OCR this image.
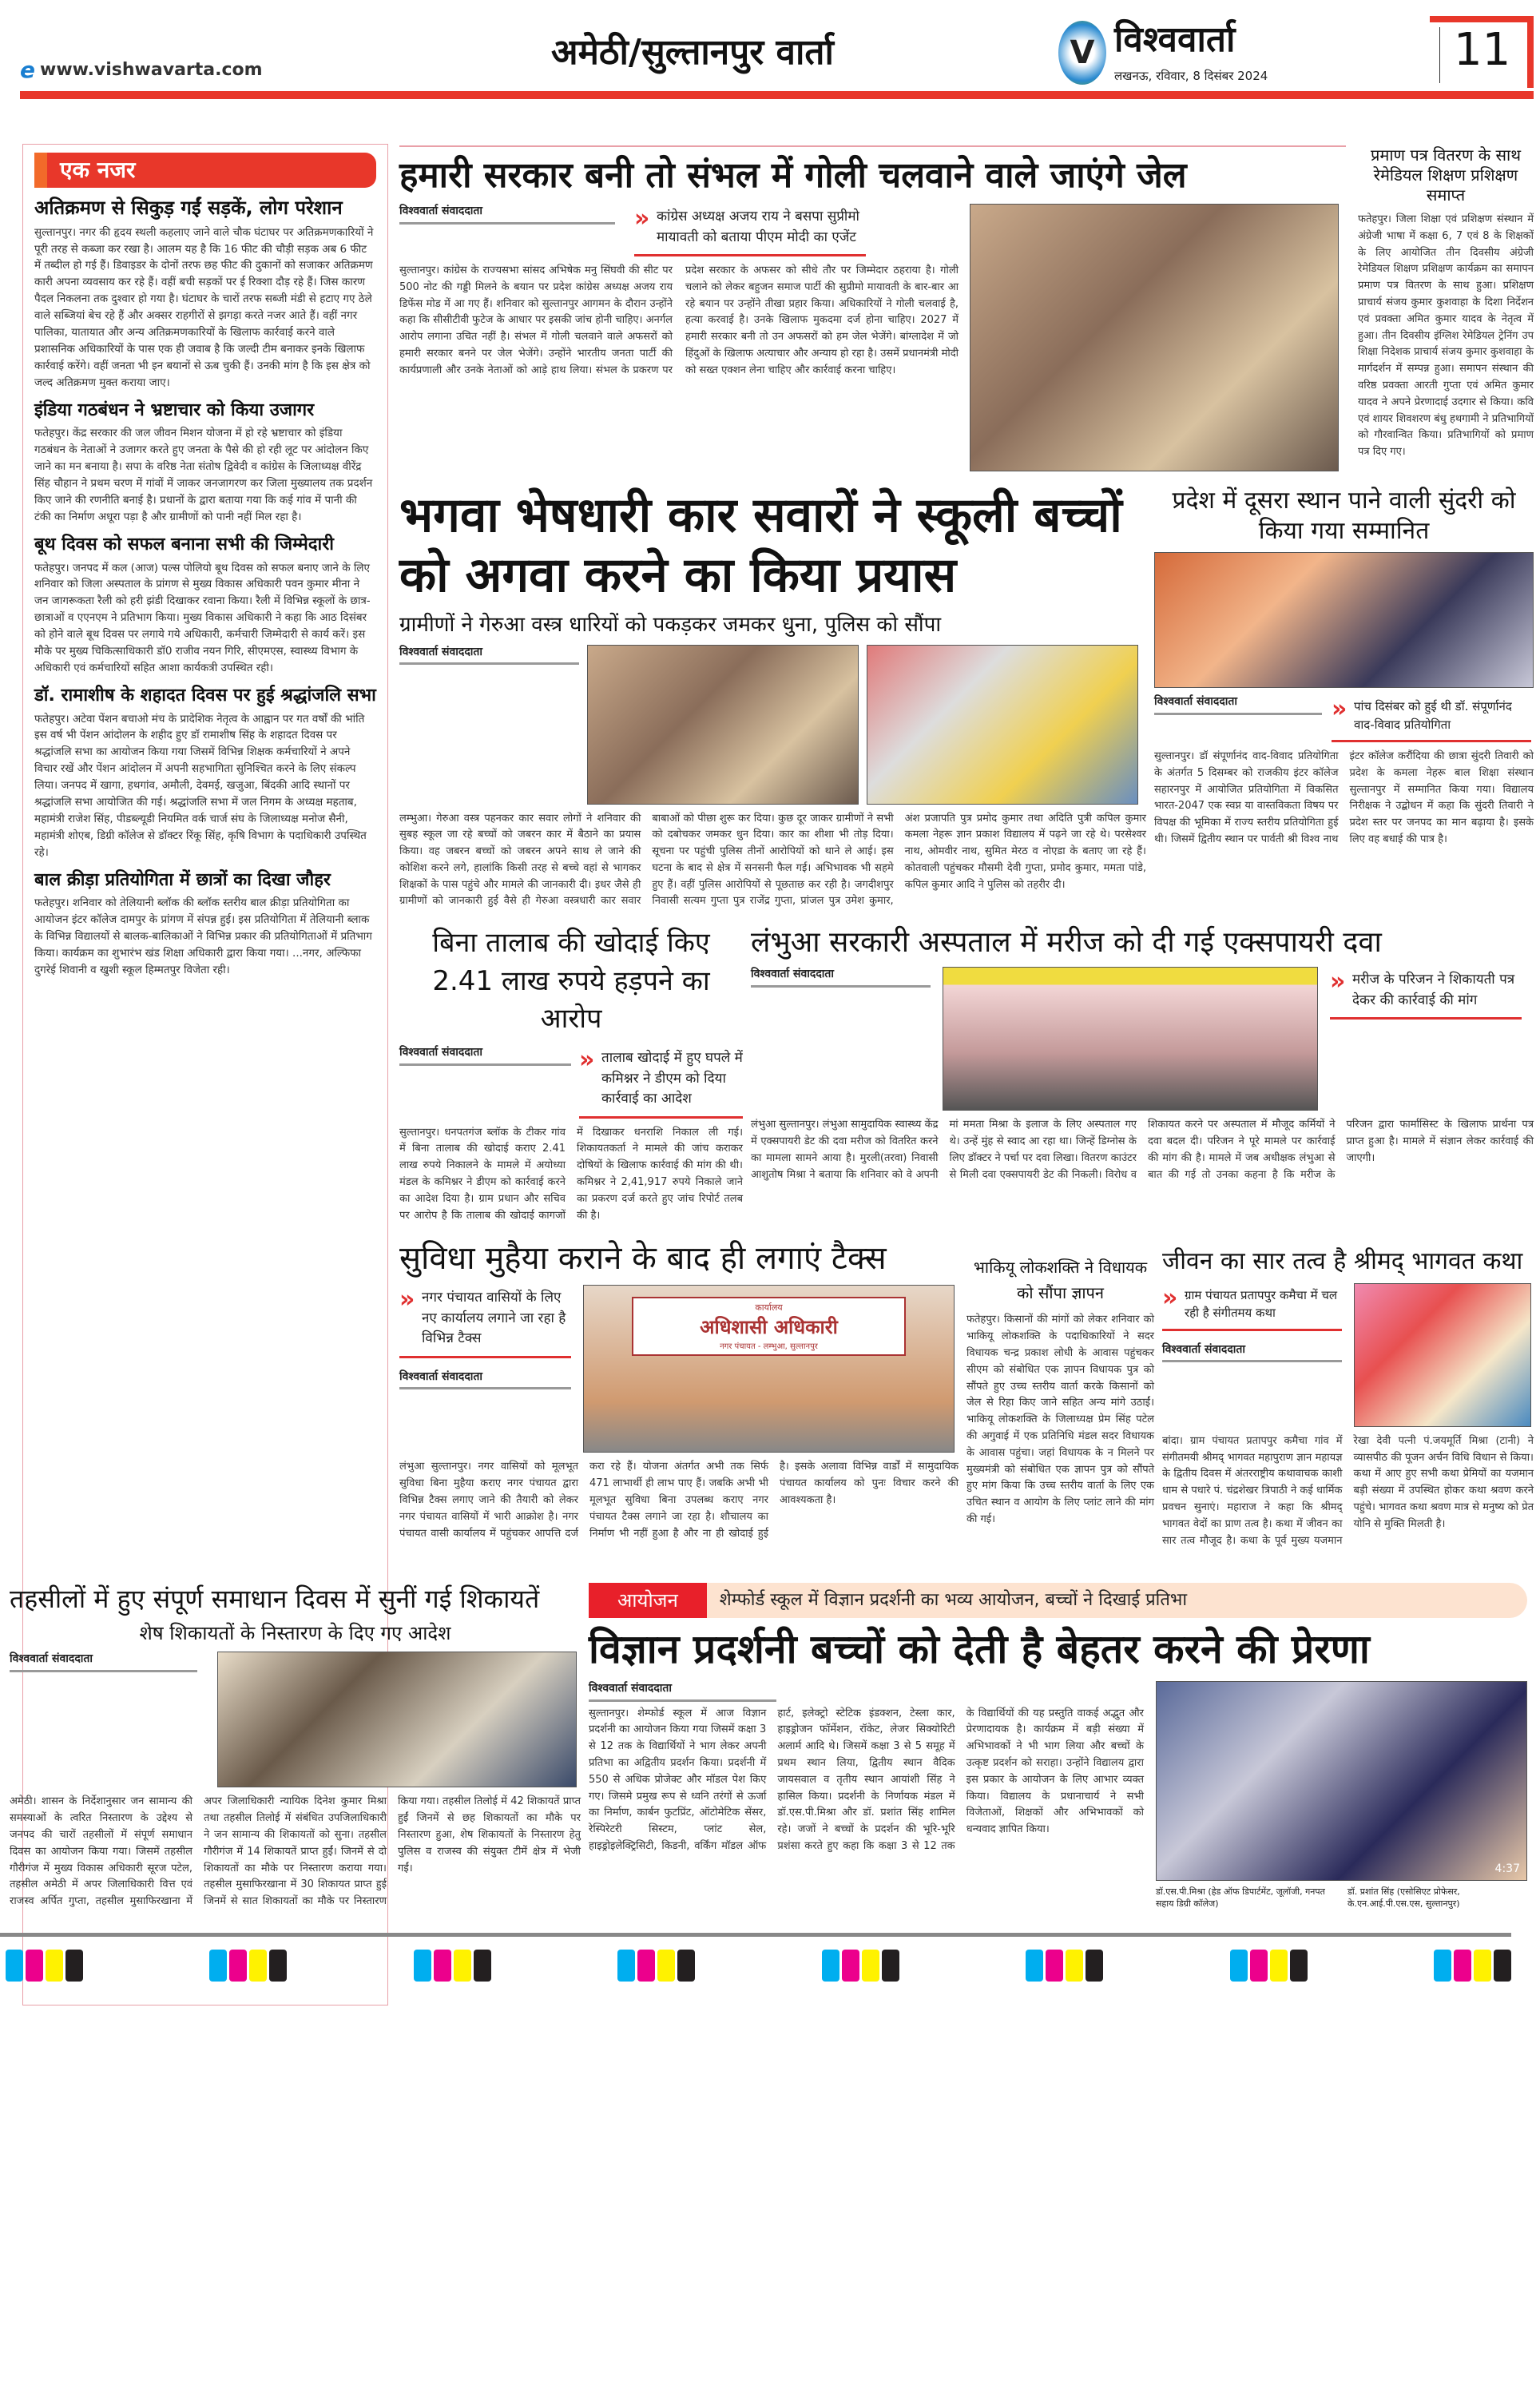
e www.vishwavarta.com	अमेठी/सुल्तानपुर वार्ता	V विश्ववार्ता
लखनऊ, रविवार, 8 दिसंबर 2024	11
एक नजर
अतिक्रमण से सिकुड़ गईं सड़कें, लोग परेशान

सुल्तानपुर। नगर की हृदय स्थली कहलाए जाने वाले चौक घंटाघर पर अतिक्रमणकारियों ने पूरी तरह से कब्जा कर रखा है। आलम यह है कि 16 फीट की चौड़ी सड़क अब 6 फीट में तब्दील हो गई हैं। डिवाइडर के दोनों तरफ छह फीट की दुकानों को सजाकर अतिक्रमण कारी अपना व्यवसाय कर रहे हैं। वहीं बची सड़कों पर ई रिक्शा दौड़ रहे हैं। जिस कारण पैदल निकलना तक दुश्वार हो गया है। घंटाघर के चारों तरफ सब्जी मंडी से हटाए गए ठेले वाले सब्जियां बेच रहे हैं और अक्सर राहगीरों से झगड़ा करते नजर आते हैं। वहीं नगर पालिका, यातायात और अन्य अतिक्रमणकारियों के खिलाफ कार्रवाई करने वाले प्रशासनिक अधिकारियों के पास एक ही जवाब है कि जल्दी टीम बनाकर इनके खिलाफ कार्रवाई करेंगे। वहीं जनता भी इन बयानों से ऊब चुकी हैं। उनकी मांग है कि इस क्षेत्र को जल्द अतिक्रमण मुक्त कराया जाए।

इंडिया गठबंधन ने भ्रष्टाचार को किया उजागर

फतेहपुर। केंद्र सरकार की जल जीवन मिशन योजना में हो रहे भ्रष्टाचार को इंडिया गठबंधन के नेताओं ने उजागर करते हुए जनता के पैसे की हो रही लूट पर आंदोलन किए जाने का मन बनाया है। सपा के वरिष्ठ नेता संतोष द्विवेदी व कांग्रेस के जिलाध्यक्ष वीरेंद्र सिंह चौहान ने प्रथम चरण में गांवों में जाकर जनजागरण कर जिला मुख्यालय तक प्रदर्शन किए जाने की रणनीति बनाई है। प्रधानों के द्वारा बताया गया कि कई गांव में पानी की टंकी का निर्माण अधूरा पड़ा है और ग्रामीणों को पानी नहीं मिल रहा है।

बूथ दिवस को सफल बनाना सभी की जिम्मेदारी

फतेहपुर। जनपद में कल (आज) पल्स पोलियो बूथ दिवस को सफल बनाए जाने के लिए शनिवार को जिला अस्पताल के प्रांगण से मुख्य विकास अधिकारी पवन कुमार मीना ने जन जागरूकता रैली को हरी झंडी दिखाकर रवाना किया। रैली में विभिन्न स्कूलों के छात्र-छात्राओं व एएनएम ने प्रतिभाग किया। मुख्य विकास अधिकारी ने कहा कि आठ दिसंबर को होने वाले बूथ दिवस पर लगाये गये अधिकारी, कर्मचारी जिम्मेदारी से कार्य करें। इस मौके पर मुख्य चिकित्साधिकारी डॉ0 राजीव नयन गिरि, सीएमएस, स्वास्थ्य विभाग के अधिकारी एवं कर्मचारियों सहित आशा कार्यकत्री उपस्थित रही।

डॉ. रामाशीष के शहादत दिवस पर हुई श्रद्धांजलि सभा

फतेहपुर। अटेवा पेंशन बचाओ मंच के प्रादेशिक नेतृत्व के आह्वान पर गत वर्षों की भांति इस वर्ष भी पेंशन आंदोलन के शहीद हुए डॉ रामाशीष सिंह के शहादत दिवस पर श्रद्धांजलि सभा का आयोजन किया गया जिसमें विभिन्न शिक्षक कर्मचारियों ने अपने विचार रखें और पेंशन आंदोलन में अपनी सहभागिता सुनिश्चित करने के लिए संकल्प लिया। जनपद में खागा, हथगांव, अमौली, देवमई, खजुआ, बिंदकी आदि स्थानों पर श्रद्धांजलि सभा आयोजित की गई। श्रद्धांजलि सभा में जल निगम के अध्यक्ष महताब, महामंत्री राजेश सिंह, पीडब्ल्यूडी नियमित वर्क चार्ज संघ के जिलाध्यक्ष मनोज सैनी, महामंत्री शोएब, डिग्री कॉलेज से डॉक्टर रिंकू सिंह, कृषि विभाग के पदाधिकारी उपस्थित रहे।

बाल क्रीड़ा प्रतियोगिता में छात्रों का दिखा जौहर

फतेहपुर। शनिवार को तेलियानी ब्लॉक की ब्लॉक स्तरीय बाल क्रीड़ा प्रतियोगिता का आयोजन इंटर कॉलेज दामपुर के प्रांगण में संपन्न हुई। इस प्रतियोगिता में तेलियानी ब्लाक के विभिन्न विद्यालयों से बालक-बालिकाओं ने विभिन्न प्रकार की प्रतियोगिताओं में प्रतिभाग किया। कार्यक्रम का शुभारंभ खंड शिक्षा अधिकारी द्वारा किया गया। ...नगर, अल्फिफा दुगरेई शिवानी व खुशी स्कूल हिम्मतपुर विजेता रही।

हमारी सरकार बनी तो संभल में गोली चलवाने वाले जाएंगे जेल
विश्ववार्ता संवाददाता	» कांग्रेस अध्यक्ष अजय राय ने बसपा सुप्रीमो मायावती को बताया पीएम मोदी का एजेंट
सुल्तानपुर। कांग्रेस के राज्यसभा सांसद अभिषेक मनु सिंघवी की सीट पर 500 नोट की गड्डी मिलने के बयान पर प्रदेश कांग्रेस अध्यक्ष अजय राय डिफेंस मोड में आ गए हैं। शनिवार को सुल्तानपुर आगमन के दौरान उन्होंने कहा कि सीसीटीवी फुटेज के आधार पर इसकी जांच होनी चाहिए। अनर्गल आरोप लगाना उचित नहीं है। संभल में गोली चलवाने वाले अफसरों को हमारी सरकार बनने पर जेल भेजेंगे। उन्होंने भारतीय जनता पार्टी की कार्यप्रणाली और उनके नेताओं को आड़े हाथ लिया। संभल के प्रकरण पर प्रदेश सरकार के अफसर को सीधे तौर पर जिम्मेदार ठहराया है। गोली चलाने को लेकर बहुजन समाज पार्टी की सुप्रीमो मायावती के बार-बार आ रहे बयान पर उन्होंने तीखा प्रहार किया। अधिकारियों ने गोली चलवाई है, हत्या करवाई है। उनके खिलाफ मुकदमा दर्ज होना चाहिए। 2027 में हमारी सरकार बनी तो उन अफसरों को हम जेल भेजेंगे। बांग्लादेश में जो हिंदुओं के खिलाफ अत्याचार और अन्याय हो रहा है। उसमें प्रधानमंत्री मोदी को सख्त एक्शन लेना चाहिए और कार्रवाई करना चाहिए।
प्रमाण पत्र वितरण के साथ रेमेडियल शिक्षण प्रशिक्षण समाप्त
फतेहपुर। जिला शिक्षा एवं प्रशिक्षण संस्थान में अंग्रेजी भाषा में कक्षा 6, 7 एवं 8 के शिक्षकों के लिए आयोजित तीन दिवसीय अंग्रेजी रेमेडियल शिक्षण प्रशिक्षण कार्यक्रम का समापन प्रमाण पत्र वितरण के साथ हुआ। प्रशिक्षण प्राचार्य संजय कुमार कुशवाहा के दिशा निर्देशन एवं प्रवक्ता अमित कुमार यादव के नेतृत्व में हुआ। तीन दिवसीय इंग्लिश रेमेडियल ट्रेनिंग उप शिक्षा निदेशक प्राचार्य संजय कुमार कुशवाहा के मार्गदर्शन में सम्पन्न हुआ। समापन संस्थान की वरिष्ठ प्रवक्ता आरती गुप्ता एवं अमित कुमार यादव ने अपने प्रेरणादाई उदगार से किया। कवि एवं शायर शिवशरण बंधु हथगामी ने प्रतिभागियों को गौरवान्वित किया। प्रतिभागियों को प्रमाण पत्र दिए गए।
भगवा भेषधारी कार सवारों ने स्कूली बच्चों को अगवा करने का किया प्रयास
ग्रामीणों ने गेरुआ वस्त्र धारियों को पकड़कर जमकर धुना, पुलिस को सौंपा
विश्ववार्ता संवाददाता
लम्भुआ। गेरुआ वस्त्र पहनकर कार सवार लोगों ने शनिवार की सुबह स्कूल जा रहे बच्चों को जबरन कार में बैठाने का प्रयास किया। वह जबरन बच्चों को जबरन अपने साथ ले जाने की कोशिश करने लगे, हालांकि किसी तरह से बच्चे वहां से भागकर शिक्षकों के पास पहुंचे और मामले की जानकारी दी। इधर जैसे ही ग्रामीणों को जानकारी हुई वैसे ही गेरुआ वस्त्रधारी कार सवार बाबाओं को पीछा शुरू कर दिया। कुछ दूर जाकर ग्रामीणों ने सभी को दबोचकर जमकर धुन दिया। कार का शीशा भी तोड़ दिया। सूचना पर पहुंची पुलिस तीनों आरोपियों को थाने ले आई। इस घटना के बाद से क्षेत्र में सनसनी फैल गई। अभिभावक भी सहमे हुए हैं। वहीं पुलिस आरोपियों से पूछताछ कर रही है। जगदीशपुर निवासी सत्यम गुप्ता पुत्र राजेंद्र गुप्ता, प्रांजल पुत्र उमेश कुमार, अंश प्रजापति पुत्र प्रमोद कुमार तथा अदिति पुत्री कपिल कुमार कमला नेहरू ज्ञान प्रकाश विद्यालय में पढ़ने जा रहे थे। परसेश्वर नाथ, ओमवीर नाथ, सुमित मेरठ व नोएडा के बताए जा रहे हैं। कोतवाली पहुंचकर मौसमी देवी गुप्ता, प्रमोद कुमार, ममता पांडे, कपिल कुमार आदि ने पुलिस को तहरीर दी।
प्रदेश में दूसरा स्थान पाने वाली सुंदरी को किया गया सम्मानित
विश्ववार्ता संवाददाता	» पांच दिसंबर को हुई थी डॉ. संपूर्णानंद वाद-विवाद प्रतियोगिता
सुल्तानपुर। डॉ संपूर्णानंद वाद-विवाद प्रतियोगिता के अंतर्गत 5 दिसम्बर को राजकीय इंटर कॉलेज सहारनपुर में आयोजित प्रतियोगिता में विकसित भारत-2047 एक स्वप्न या वास्तविकता विषय पर विपक्ष की भूमिका में राज्य स्तरीय प्रतियोगिता हुई थी। जिसमें द्वितीय स्थान पर पार्वती श्री विश्व नाथ इंटर कॉलेज करौंदिया की छात्रा सुंदरी तिवारी को प्रदेश के कमला नेहरू बाल शिक्षा संस्थान सुल्तानपुर में सम्मानित किया गया। विद्यालय निरीक्षक ने उद्बोधन में कहा कि सुंदरी तिवारी ने प्रदेश स्तर पर जनपद का मान बढ़ाया है। इसके लिए वह बधाई की पात्र है।
बिना तालाब की खोदाई किए 2.41 लाख रुपये हड़पने का आरोप
विश्ववार्ता संवाददाता	» तालाब खोदाई में हुए घपले में कमिश्नर ने डीएम को दिया कार्रवाई का आदेश
सुल्तानपुर। धनपतगंज ब्लॉक के टीकर गांव में बिना तालाब की खोदाई कराए 2.41 लाख रुपये निकालने के मामले में अयोध्या मंडल के कमिश्नर ने डीएम को कार्रवाई करने का आदेश दिया है। ग्राम प्रधान और सचिव पर आरोप है कि तालाब की खोदाई कागजों में दिखाकर धनराशि निकाल ली गई। शिकायतकर्ता ने मामले की जांच कराकर दोषियों के खिलाफ कार्रवाई की मांग की थी। कमिश्नर ने 2,41,917 रुपये निकाले जाने का प्रकरण दर्ज करते हुए जांच रिपोर्ट तलब की है।
लंभुआ सरकारी अस्पताल में मरीज को दी गई एक्सपायरी दवा
विश्ववार्ता संवाददाता	» मरीज के परिजन ने शिकायती पत्र देकर की कार्रवाई की मांग
लंभुआ सुल्तानपुर। लंभुआ सामुदायिक स्वास्थ्य केंद्र में एक्सपायरी डेट की दवा मरीज को वितरित करने का मामला सामने आया है। मुरली(तरवा) निवासी आशुतोष मिश्रा ने बताया कि शनिवार को वे अपनी मां ममता मिश्रा के इलाज के लिए अस्पताल गए थे। उन्हें मुंह से स्वाद आ रहा था। जिन्हें डिग्नोस के लिए डॉक्टर ने पर्चा पर दवा लिखा। वितरण काउंटर से मिली दवा एक्सपायरी डेट की निकली। विरोध व शिकायत करने पर अस्पताल में मौजूद कर्मियों ने दवा बदल दी। परिजन ने पूरे मामले पर कार्रवाई की मांग की है। मामले में जब अधीक्षक लंभुआ से बात की गई तो उनका कहना है कि मरीज के परिजन द्वारा फार्मासिस्ट के खिलाफ प्रार्थना पत्र प्राप्त हुआ है। मामले में संज्ञान लेकर कार्रवाई की जाएगी।
सुविधा मुहैया कराने के बाद ही लगाएं टैक्स
» नगर पंचायत वासियों के लिए नए कार्यालय लगाने जा रहा है विभिन्न टैक्स
विश्ववार्ता संवाददाता
कार्यालय
अधिशासी अधिकारी
नगर पंचायत - लम्भुआ, सुल्तानपुर
लंभुआ सुल्तानपुर। नगर वासियों को मूलभूत सुविधा बिना मुहैया कराए नगर पंचायत द्वारा विभिन्न टैक्स लगाए जाने की तैयारी को लेकर नगर पंचायत वासियों में भारी आक्रोश है। नगर पंचायत वासी कार्यालय में पहुंचकर आपत्ति दर्ज करा रहे हैं। योजना अंतर्गत अभी तक सिर्फ 471 लाभार्थी ही लाभ पाए हैं। जबकि अभी भी मूलभूत सुविधा बिना उपलब्ध कराए नगर पंचायत टैक्स लगाने जा रहा है। शौचालय का निर्माण भी नहीं हुआ है और ना ही खोदाई हुई है। इसके अलावा विभिन्न वार्डों में सामुदायिक पंचायत कार्यालय को पुनः विचार करने की आवश्यकता है।
भाकियू लोकशक्ति ने विधायक को सौंपा ज्ञापन
फतेहपुर। किसानों की मांगों को लेकर शनिवार को भाकियू लोकशक्ति के पदाधिकारियों ने सदर विधायक चन्द्र प्रकाश लोधी के आवास पहुंचकर सीएम को संबोधित एक ज्ञापन विधायक पुत्र को सौंपते हुए उच्च स्तरीय वार्ता करके किसानों को जेल से रिहा किए जाने सहित अन्य मांगे उठाईं। भाकियू लोकशक्ति के जिलाध्यक्ष प्रेम सिंह पटेल की अगुवाई में एक प्रतिनिधि मंडल सदर विधायक के आवास पहुंचा। जहां विधायक के न मिलने पर मुख्यमंत्री को संबोधित एक ज्ञापन पुत्र को सौंपते हुए मांग किया कि उच्च स्तरीय वार्ता के लिए एक उचित स्थान व आयोग के लिए प्लांट लाने की मांग की गई।
जीवन का सार तत्व है श्रीमद् भागवत कथा
» ग्राम पंचायत प्रतापपुर कमैचा में चल रही है संगीतमय कथा
विश्ववार्ता संवाददाता
बांदा। ग्राम पंचायत प्रतापपुर कमैचा गांव में संगीतमयी श्रीमद् भागवत महापुराण ज्ञान महायज्ञ के द्वितीय दिवस में अंतरराष्ट्रीय कथावाचक काशी धाम से पधारे पं. चंद्रशेखर त्रिपाठी ने कई धार्मिक प्रवचन सुनाएं। महाराज ने कहा कि श्रीमद् भागवत वेदों का प्राण तत्व है। कथा में जीवन का सार तत्व मौजूद है। कथा के पूर्व मुख्य यजमान रेखा देवी पत्नी पं.जयमूर्ति मिश्रा (टानी) ने व्यासपीठ की पूजन अर्चन विधि विधान से किया। कथा में आए हुए सभी कथा प्रेमियों का यजमान बड़ी संख्या में उपस्थित होकर कथा श्रवण करने पहुंचे। भागवत कथा श्रवण मात्र से मनुष्य को प्रेत योनि से मुक्ति मिलती है।
तहसीलों में हुए संपूर्ण समाधान दिवस में सुनीं गई शिकायतें
शेष शिकायतों के निस्तारण के दिए गए आदेश
विश्ववार्ता संवाददाता
अमेठी। शासन के निर्देशानुसार जन सामान्य की समस्याओं के त्वरित निस्तारण के उद्देश्य से जनपद की चारों तहसीलों में संपूर्ण समाधान दिवस का आयोजन किया गया। जिसमें तहसील गौरीगंज में मुख्य विकास अधिकारी सूरज पटेल, तहसील अमेठी में अपर जिलाधिकारी वित्त एवं राजस्व अर्पित गुप्ता, तहसील मुसाफिरखाना में अपर जिलाधिकारी न्यायिक दिनेश कुमार मिश्रा तथा तहसील तिलोई में संबंधित उपजिलाधिकारी ने जन सामान्य की शिकायतों को सुना। तहसील गौरीगंज में 14 शिकायतें प्राप्त हुईं। जिनमें से दो शिकायतों का मौके पर निस्तारण कराया गया। तहसील मुसाफिरखाना में 30 शिकायत प्राप्त हुई जिनमें से सात शिकायतों का मौके पर निस्तारण किया गया। तहसील तिलोई में 42 शिकायतें प्राप्त हुईं जिनमें से छह शिकायतों का मौके पर निस्तारण हुआ, शेष शिकायतों के निस्तारण हेतु पुलिस व राजस्व की संयुक्त टीमें क्षेत्र में भेजी गईं।
आयोजन	शेम्फोर्ड स्कूल में विज्ञान प्रदर्शनी का भव्य आयोजन, बच्चों ने दिखाई प्रतिभा
विज्ञान प्रदर्शनी बच्चों को देती है बेहतर करने की प्रेरणा
विश्ववार्ता संवाददाता
सुल्तानपुर। शेम्फोर्ड स्कूल में आज विज्ञान प्रदर्शनी का आयोजन किया गया जिसमें कक्षा 3 से 12 तक के विद्यार्थियों ने भाग लेकर अपनी प्रतिभा का अद्वितीय प्रदर्शन किया। प्रदर्शनी में 550 से अधिक प्रोजेक्ट और मॉडल पेश किए गए। जिसमे प्रमुख रूप से ध्वनि तरंगों से ऊर्जा का निर्माण, कार्बन फुटप्रिंट, ऑटोमेटिक सेंसर, रेस्पिरेटरी सिस्टम, प्लांट सेल, हाइड्रोइलेक्ट्रिसिटी, किडनी, वर्किंग मॉडल ऑफ हार्ट, इलेक्ट्रो स्टेटिक इंडक्शन, टेस्ला कार, हाइड्रोजन फॉर्मेशन, रॉकेट, लेजर सिक्योरिटी अलार्म आदि थे। जिसमें कक्षा 3 से 5 समूह में प्रथम स्थान लिया, द्वितीय स्थान वैदिक जायसवाल व तृतीय स्थान आयांशी सिंह ने हासिल किया। प्रदर्शनी के निर्णायक मंडल में डॉ.एस.पी.मिश्रा और डॉ. प्रशांत सिंह शामिल रहे। जजों ने बच्चों के प्रदर्शन की भूरि-भूरि प्रशंसा करते हुए कहा कि कक्षा 3 से 12 तक के विद्यार्थियों की यह प्रस्तुति वाकई अद्भुत और प्रेरणादायक है। कार्यक्रम में बड़ी संख्या में अभिभावकों ने भी भाग लिया और बच्चों के उत्कृष्ट प्रदर्शन को सराहा। उन्होंने विद्यालय द्वारा इस प्रकार के आयोजन के लिए आभार व्यक्त किया। विद्यालय के प्रधानाचार्य ने सभी विजेताओं, शिक्षकों और अभिभावकों को धन्यवाद ज्ञापित किया।
4:37
डॉ.एस.पी.मिश्रा (हेड ऑफ डिपार्टमेंट, जूलॉजी, गनपत सहाय डिग्री कॉलेज)
डॉ. प्रशांत सिंह (एसोसिएट प्रोफेसर, के.एन.आई.पी.एस.एस, सुल्तानपुर)
